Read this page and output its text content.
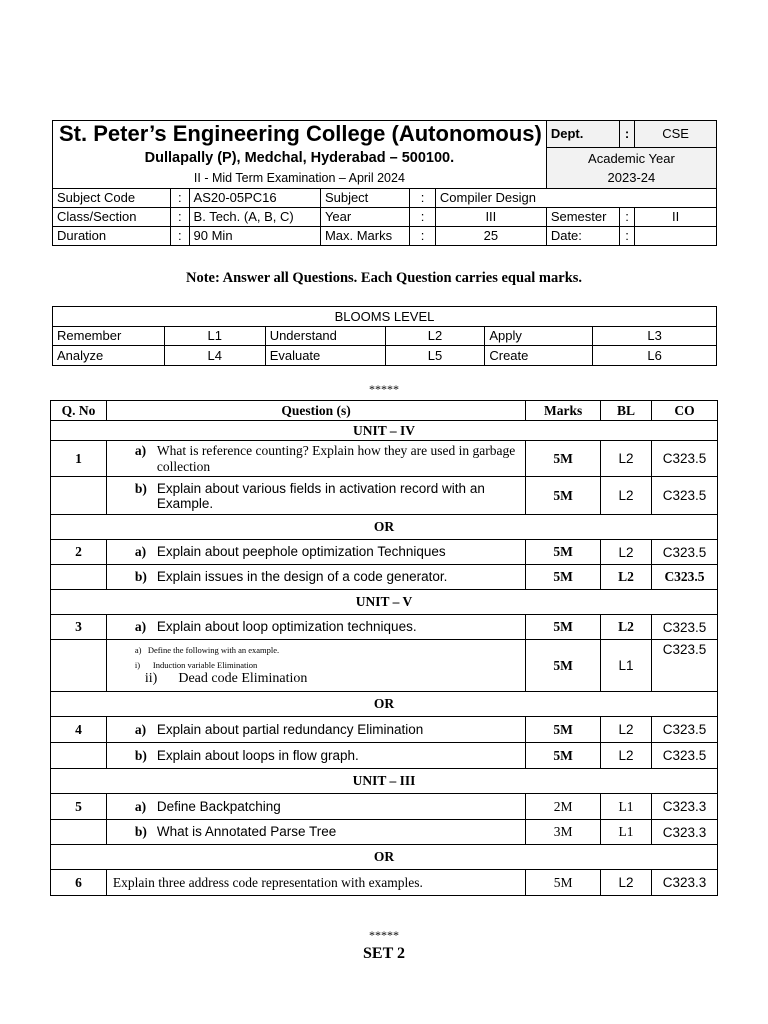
St. Peter’s Engineering College (Autonomous)						Dept.	:	CSE
Dullapally (P), Medchal, Hyderabad – 500100.						Academic Year
2023-24		

II - Mid Term Examination – April 2024								
Subject Code	:	AS20-05PC16	Subject	:	Compiler Design			
Class/Section	:	B. Tech. (A, B, C)	Year	:	III	Semester	:	II
Duration	:	90 Min	Max. Marks	:	25	Date:	:	
Note: Answer all Questions. Each Question carries equal marks.
BLOOMS LEVEL					
Remember	L1	Understand	L2	Apply	L3
Analyze	L4	Evaluate	L5	Create	L6
*****
Q. No	Question (s)	Marks	BL	CO
UNIT – IV				
1	a) What is reference counting? Explain how they are used in garbage collection	5M	L2	C323.5

	b) Explain about various fields in activation record with an Example.	5M	L2	C323.5
OR				
2	a) Explain about peephole optimization Techniques	5M	L2	C323.5

	b) Explain issues in the design of a code generator.	5M	L2	C323.5
UNIT – V				
3	a) Explain about loop optimization techniques.	5M	L2	C323.5

	a) Define the following with an example.
i) Induction variable Elimination
ii) Dead code Elimination	5M	L1	C323.5
OR				
4	a) Explain about partial redundancy Elimination	5M	L2	C323.5

	b) Explain about loops in flow graph.	5M	L2	C323.5
UNIT – III				
5	a) Define Backpatching	2M	L1	C323.3

	b) What is Annotated Parse Tree	3M	L1	C323.3
OR				
6	Explain three address code representation with examples.	5M	L2	C323.3
*****
SET 2
